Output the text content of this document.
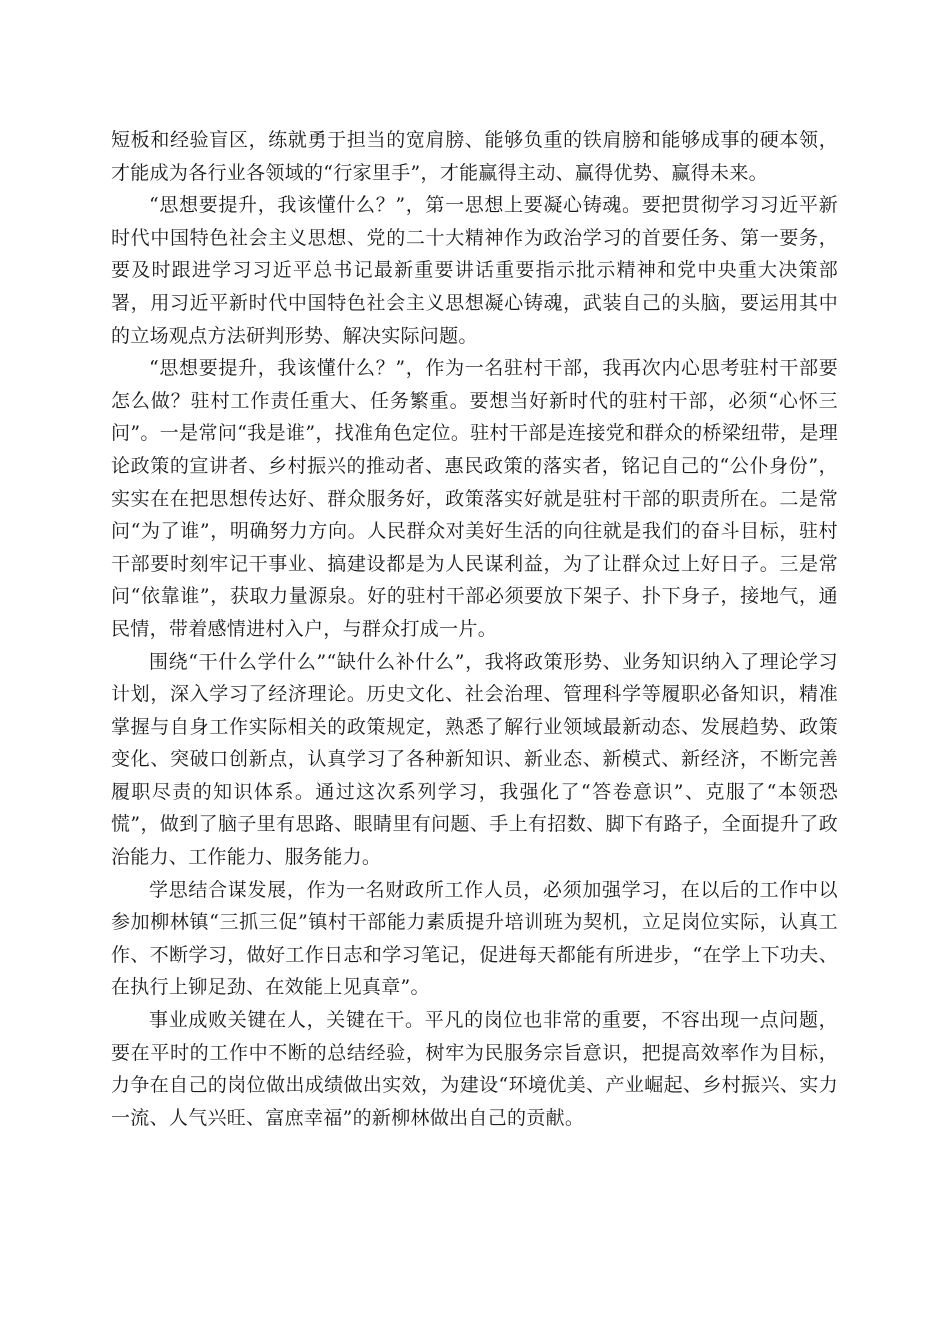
短板和经验盲区，练就勇于担当的宽肩膀、能够负重的铁肩膀和能够成事的硬本领，才能成为各行业各领域的“行家里手”，才能赢得主动、赢得优势、赢得未来。

“思想要提升，我该懂什么？”，第一思想上要凝心铸魂。要把贯彻学习习近平新时代中国特色社会主义思想、党的二十大精神作为政治学习的首要任务、第一要务，要及时跟进学习习近平总书记最新重要讲话重要指示批示精神和党中央重大决策部署，用习近平新时代中国特色社会主义思想凝心铸魂，武装自己的头脑，要运用其中的立场观点方法研判形势、解决实际问题。

“思想要提升，我该懂什么？”，作为一名驻村干部，我再次内心思考驻村干部要怎么做？驻村工作责任重大、任务繁重。要想当好新时代的驻村干部，必须“心怀三问”。一是常问“我是谁”，找准角色定位。驻村干部是连接党和群众的桥梁纽带，是理论政策的宣讲者、乡村振兴的推动者、惠民政策的落实者，铭记自己的“公仆身份”，实实在在把思想传达好、群众服务好，政策落实好就是驻村干部的职责所在。二是常问“为了谁”，明确努力方向。人民群众对美好生活的向往就是我们的奋斗目标，驻村干部要时刻牢记干事业、搞建设都是为人民谋利益，为了让群众过上好日子。三是常问“依靠谁”，获取力量源泉。好的驻村干部必须要放下架子、扑下身子，接地气，通民情，带着感情进村入户，与群众打成一片。

围绕“干什么学什么”“缺什么补什么”，我将政策形势、业务知识纳入了理论学习计划，深入学习了经济理论。历史文化、社会治理、管理科学等履职必备知识，精准掌握与自身工作实际相关的政策规定，熟悉了解行业领域最新动态、发展趋势、政策变化、突破口创新点，认真学习了各种新知识、新业态、新模式、新经济，不断完善履职尽责的知识体系。通过这次系列学习，我强化了“答卷意识”、克服了“本领恐慌”，做到了脑子里有思路、眼睛里有问题、手上有招数、脚下有路子，全面提升了政治能力、工作能力、服务能力。

学思结合谋发展，作为一名财政所工作人员，必须加强学习，在以后的工作中以参加柳林镇“三抓三促”镇村干部能力素质提升培训班为契机，立足岗位实际，认真工作、不断学习，做好工作日志和学习笔记，促进每天都能有所进步，“在学上下功夫、在执行上铆足劲、在效能上见真章”。

事业成败关键在人，关键在干。平凡的岗位也非常的重要，不容出现一点问题，要在平时的工作中不断的总结经验，树牢为民服务宗旨意识，把提高效率作为目标，力争在自己的岗位做出成绩做出实效，为建设“环境优美、产业崛起、乡村振兴、实力一流、人气兴旺、富庶幸福”的新柳林做出自己的贡献。
